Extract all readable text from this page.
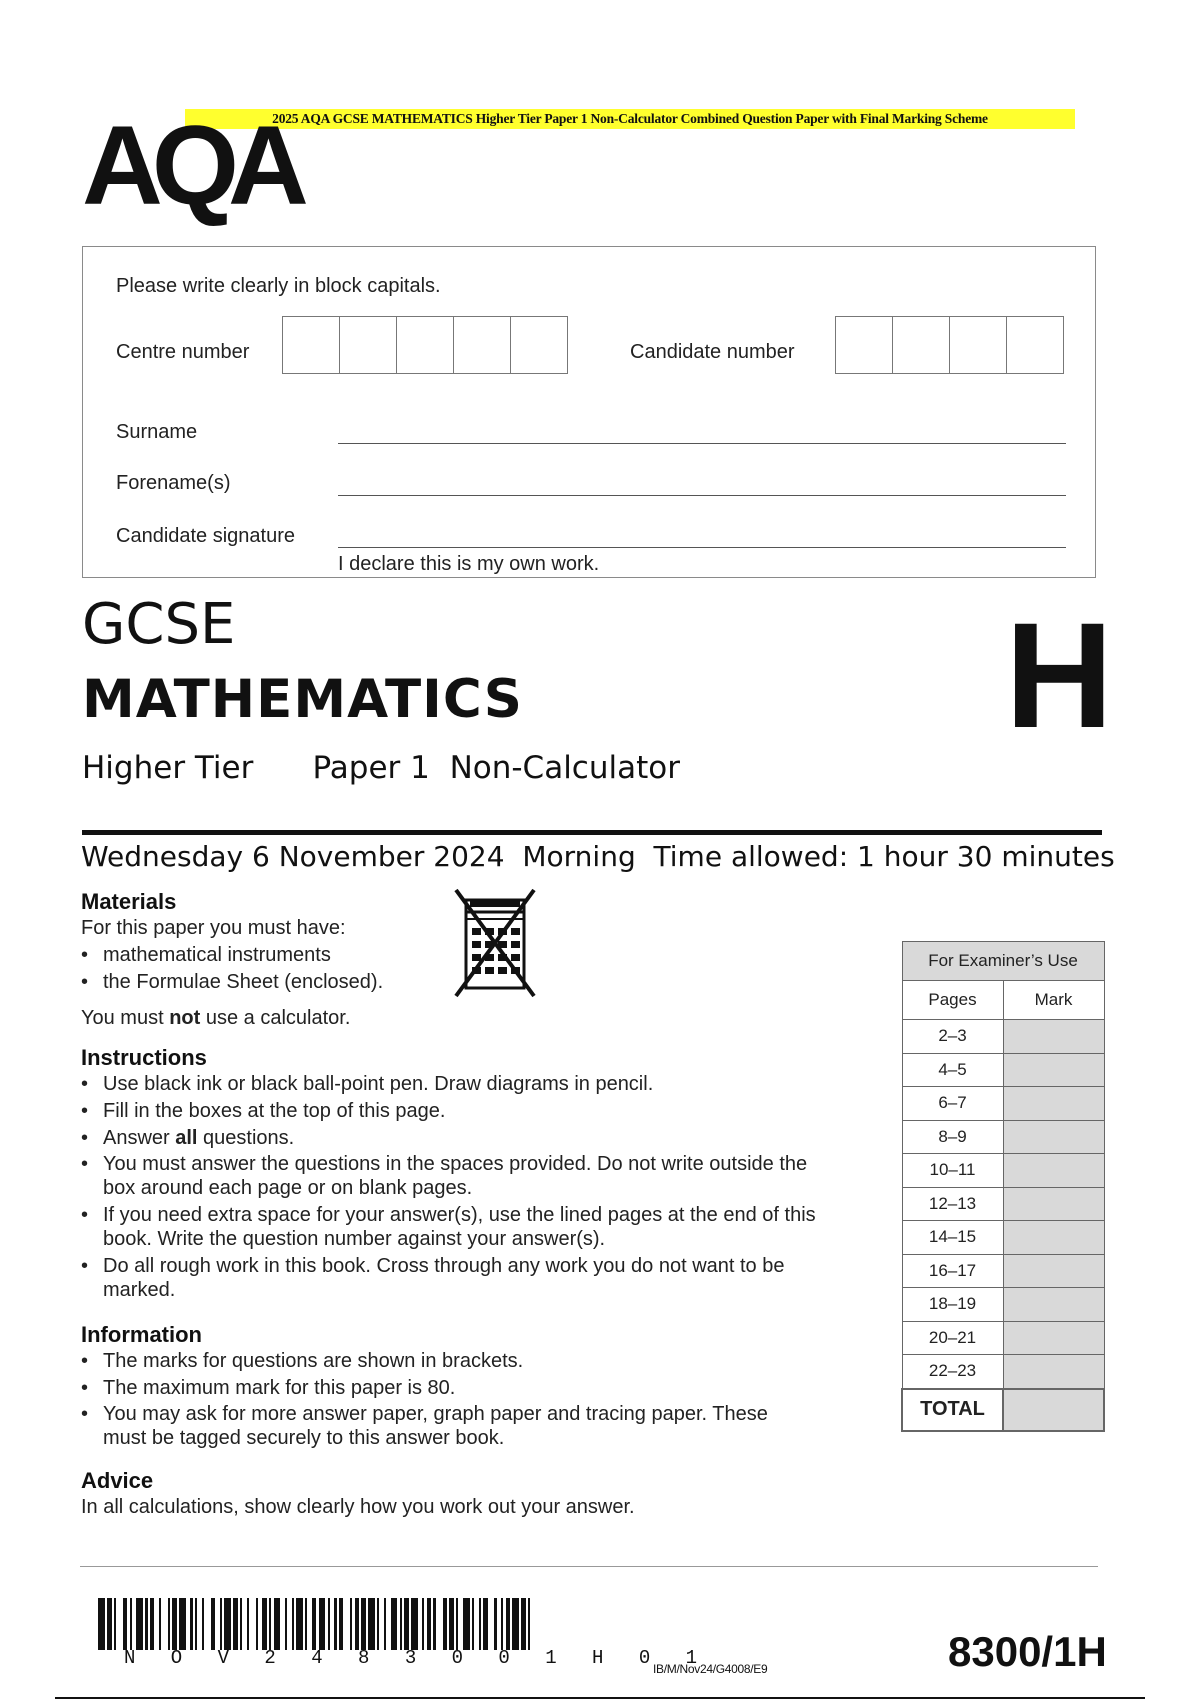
2025 AQA GCSE MATHEMATICS Higher Tier Paper 1 Non-Calculator Combined Question Paper with Final Marking Scheme
AQA
Please write clearly in block capitals.
Centre number	Candidate number
Surname
Forename(s)
Candidate signature
I declare this is my own work.
GCSE
MATHEMATICS
Higher Tier Paper 1 Non-Calculator
H
Wednesday 6 November 2024 Morning Time allowed: 1 hour 30 minutes
Materials
For this paper you must have:
• mathematical instruments
• the Formulae Sheet (enclosed).
You must not use a calculator.
Instructions
• Use black ink or black ball-point pen. Draw diagrams in pencil.
• Fill in the boxes at the top of this page.
• Answer all questions.
• You must answer the questions in the spaces provided. Do not write outside the box around each page or on blank pages.
• If you need extra space for your answer(s), use the lined pages at the end of this book. Write the question number against your answer(s).
• Do all rough work in this book. Cross through any work you do not want to be marked.
Information
• The marks for questions are shown in brackets.
• The maximum mark for this paper is 80.
• You may ask for more answer paper, graph paper and tracing paper. These must be tagged securely to this answer book.
Advice
In all calculations, show clearly how you work out your answer.
For Examiner’s Use	
Pages	Mark
2–3	
4–5	
6–7	
8–9	
10–11	
12–13	
14–15	
16–17	
18–19	
20–21	
22–23	
TOTAL	
N O V 2 4 8 3 0 0 1 H 0 1
IB/M/Nov24/G4008/E9	8300/1H
